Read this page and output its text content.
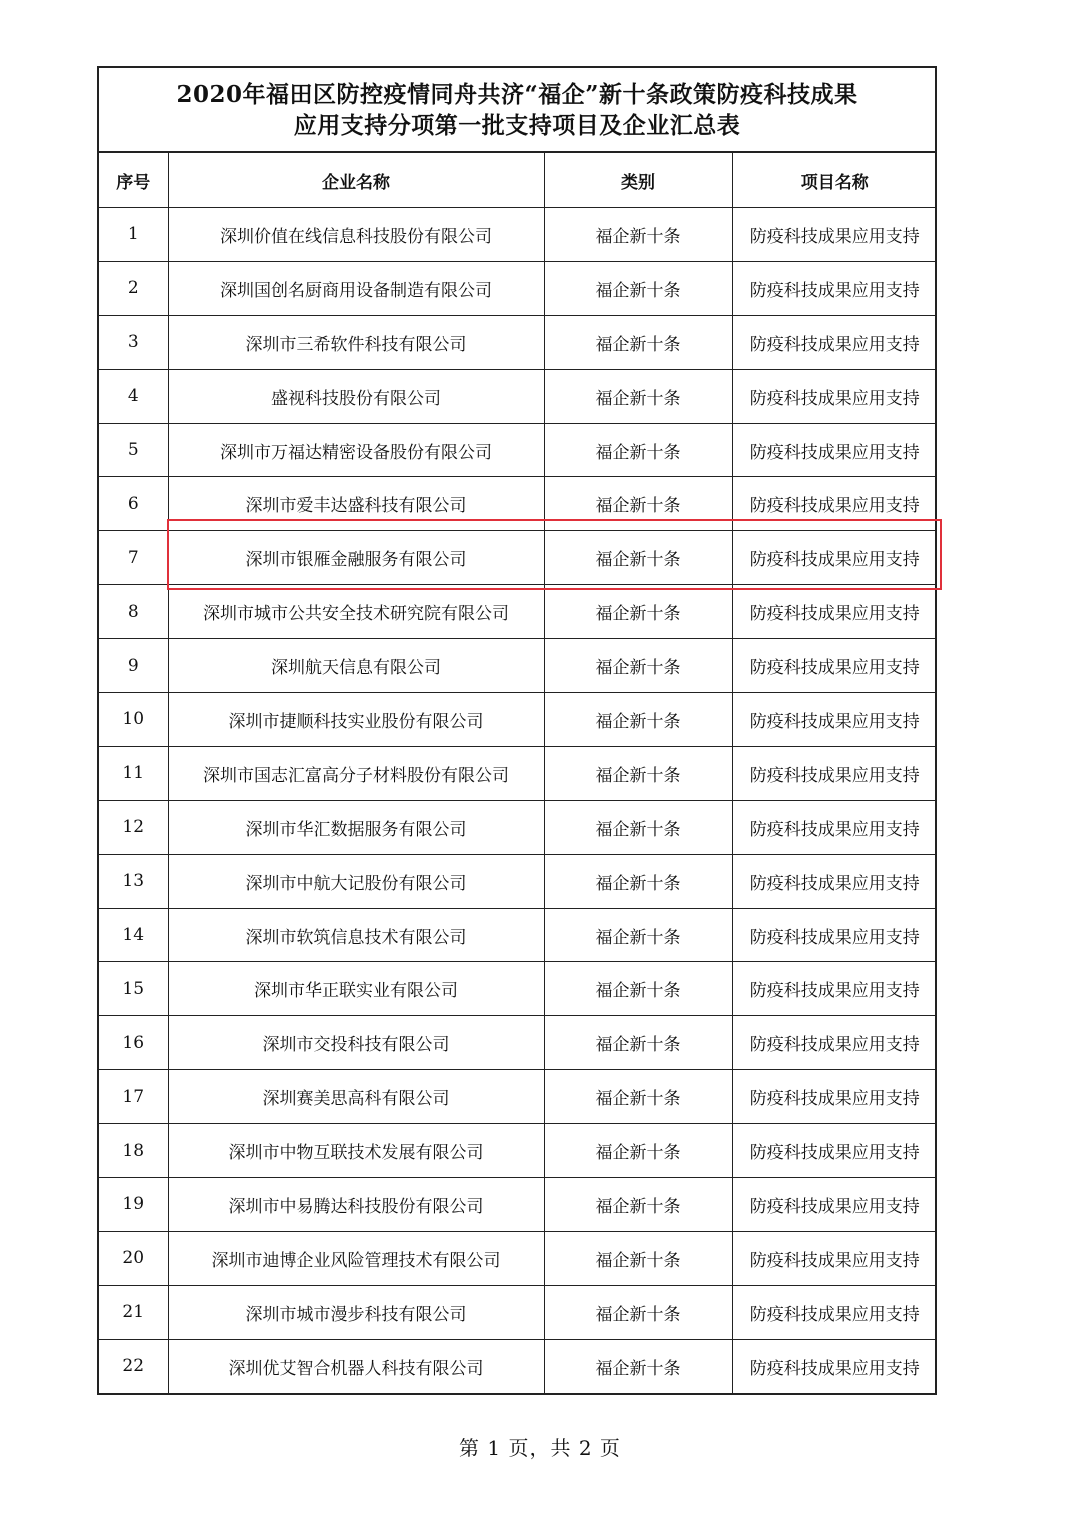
2020年福田区防控疫情同舟共济“福企”新十条政策防疫科技成果
应用支持分项第一批支持项目及企业汇总表
序号	企业名称	类别	项目名称
1	深圳价值在线信息科技股份有限公司	福企新十条	防疫科技成果应用支持
2	深圳国创名厨商用设备制造有限公司	福企新十条	防疫科技成果应用支持
3	深圳市三希软件科技有限公司	福企新十条	防疫科技成果应用支持
4	盛视科技股份有限公司	福企新十条	防疫科技成果应用支持
5	深圳市万福达精密设备股份有限公司	福企新十条	防疫科技成果应用支持
6	深圳市爱丰达盛科技有限公司	福企新十条	防疫科技成果应用支持
7	深圳市银雁金融服务有限公司	福企新十条	防疫科技成果应用支持
8	深圳市城市公共安全技术研究院有限公司	福企新十条	防疫科技成果应用支持
9	深圳航天信息有限公司	福企新十条	防疫科技成果应用支持
10	深圳市捷顺科技实业股份有限公司	福企新十条	防疫科技成果应用支持
11	深圳市国志汇富高分子材料股份有限公司	福企新十条	防疫科技成果应用支持
12	深圳市华汇数据服务有限公司	福企新十条	防疫科技成果应用支持
13	深圳市中航大记股份有限公司	福企新十条	防疫科技成果应用支持
14	深圳市软筑信息技术有限公司	福企新十条	防疫科技成果应用支持
15	深圳市华正联实业有限公司	福企新十条	防疫科技成果应用支持
16	深圳市交投科技有限公司	福企新十条	防疫科技成果应用支持
17	深圳赛美思高科有限公司	福企新十条	防疫科技成果应用支持
18	深圳市中物互联技术发展有限公司	福企新十条	防疫科技成果应用支持
19	深圳市中易腾达科技股份有限公司	福企新十条	防疫科技成果应用支持
20	深圳市迪博企业风险管理技术有限公司	福企新十条	防疫科技成果应用支持
21	深圳市城市漫步科技有限公司	福企新十条	防疫科技成果应用支持
22	深圳优艾智合机器人科技有限公司	福企新十条	防疫科技成果应用支持
第 1 页，共 2 页
